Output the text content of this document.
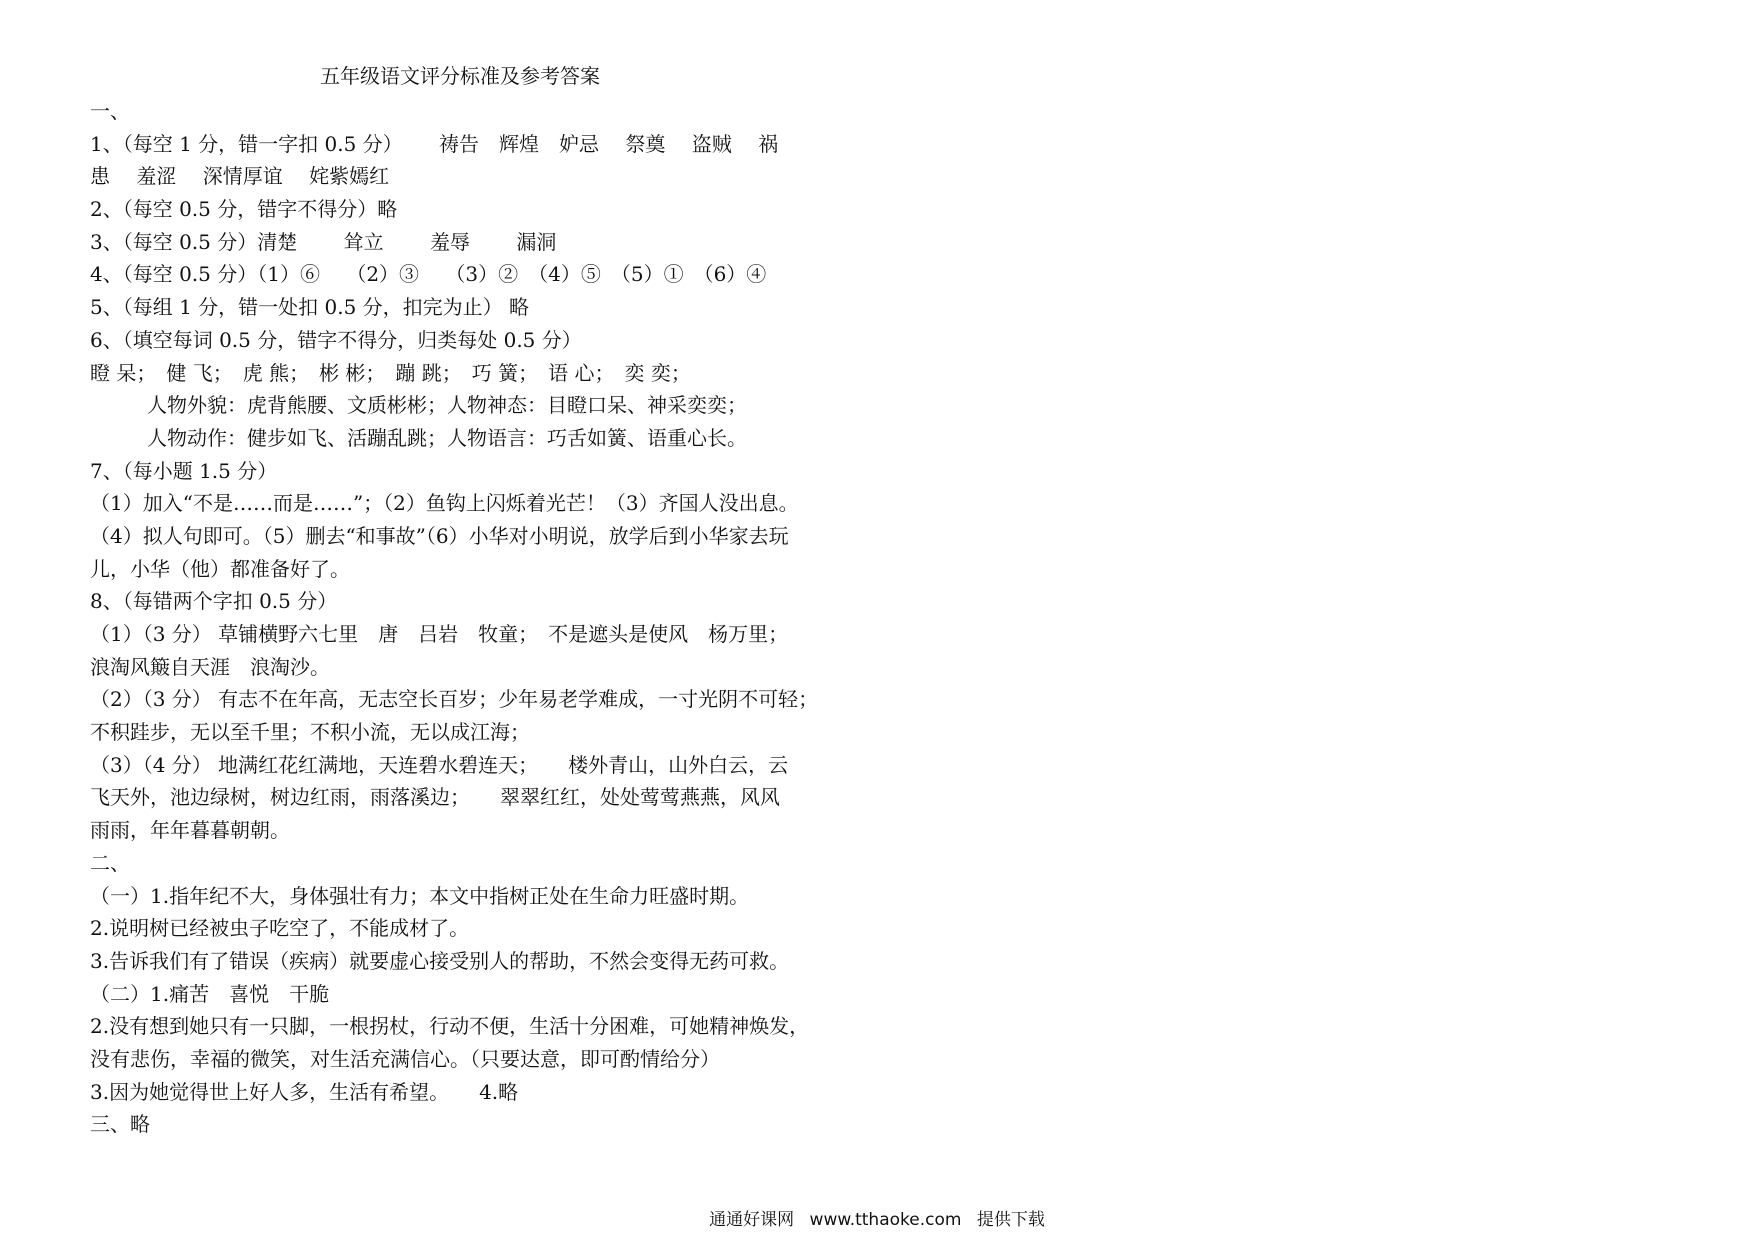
五年级语文评分标准及参考答案
一、
1、（每空 1 分，错一字扣 0.5 分）　　 祷告　辉煌　妒忌　 祭奠　 盗贼　 祸
患　 羞涩　 深情厚谊　 姹紫嫣红
2、（每空 0.5 分，错字不得分）略
3、（每空 0.5 分）清楚　　 耸立　　 羞辱　　 漏洞
4、（每空 0.5 分）（1）⑥　 （2）③　 （3）②　（4）⑤　（5）①　（6）④
5、（每组 1 分，错一处扣 0.5 分，扣完为止） 略
6、（填空每词 0.5 分，错字不得分，归类每处 0.5 分）
瞪 呆；　健 飞；　虎 熊；　彬 彬；　蹦 跳；　巧 簧；　语 心；　奕 奕；
人物外貌：虎背熊腰、文质彬彬；人物神态：目瞪口呆、神采奕奕；
人物动作：健步如飞、活蹦乱跳；人物语言：巧舌如簧、语重心长。
7、（每小题 1.5 分）
（1）加入“不是……而是……”；（2）鱼钩上闪烁着光芒！（3）齐国人没出息。
（4）拟人句即可。（5）删去“和事故”（6）小华对小明说，放学后到小华家去玩
儿，小华（他）都准备好了。
8、（每错两个字扣 0.5 分）
（1）（3 分） 草铺横野六七里　唐　吕岩　牧童；　不是遮头是使风　杨万里；
浪淘风簸自天涯　浪淘沙。
（2）（3 分） 有志不在年高，无志空长百岁；少年易老学难成，一寸光阴不可轻；
不积跬步，无以至千里；不积小流，无以成江海；
（3）（4 分） 地满红花红满地，天连碧水碧连天；　　楼外青山，山外白云，云
飞天外，池边绿树，树边红雨，雨落溪边；　　翠翠红红，处处莺莺燕燕，风风
雨雨，年年暮暮朝朝。
二、
（一）1.指年纪不大，身体强壮有力；本文中指树正处在生命力旺盛时期。
2.说明树已经被虫子吃空了，不能成材了。
3.告诉我们有了错误（疾病）就要虚心接受别人的帮助，不然会变得无药可救。
（二）1.痛苦　喜悦　干脆
2.没有想到她只有一只脚，一根拐杖，行动不便，生活十分困难，可她精神焕发，
没有悲伤，幸福的微笑，对生活充满信心。（只要达意，即可酌情给分）
3.因为她觉得世上好人多，生活有希望。　　4.略
三、略
通通好课网 www.tthaoke.com 提供下载
